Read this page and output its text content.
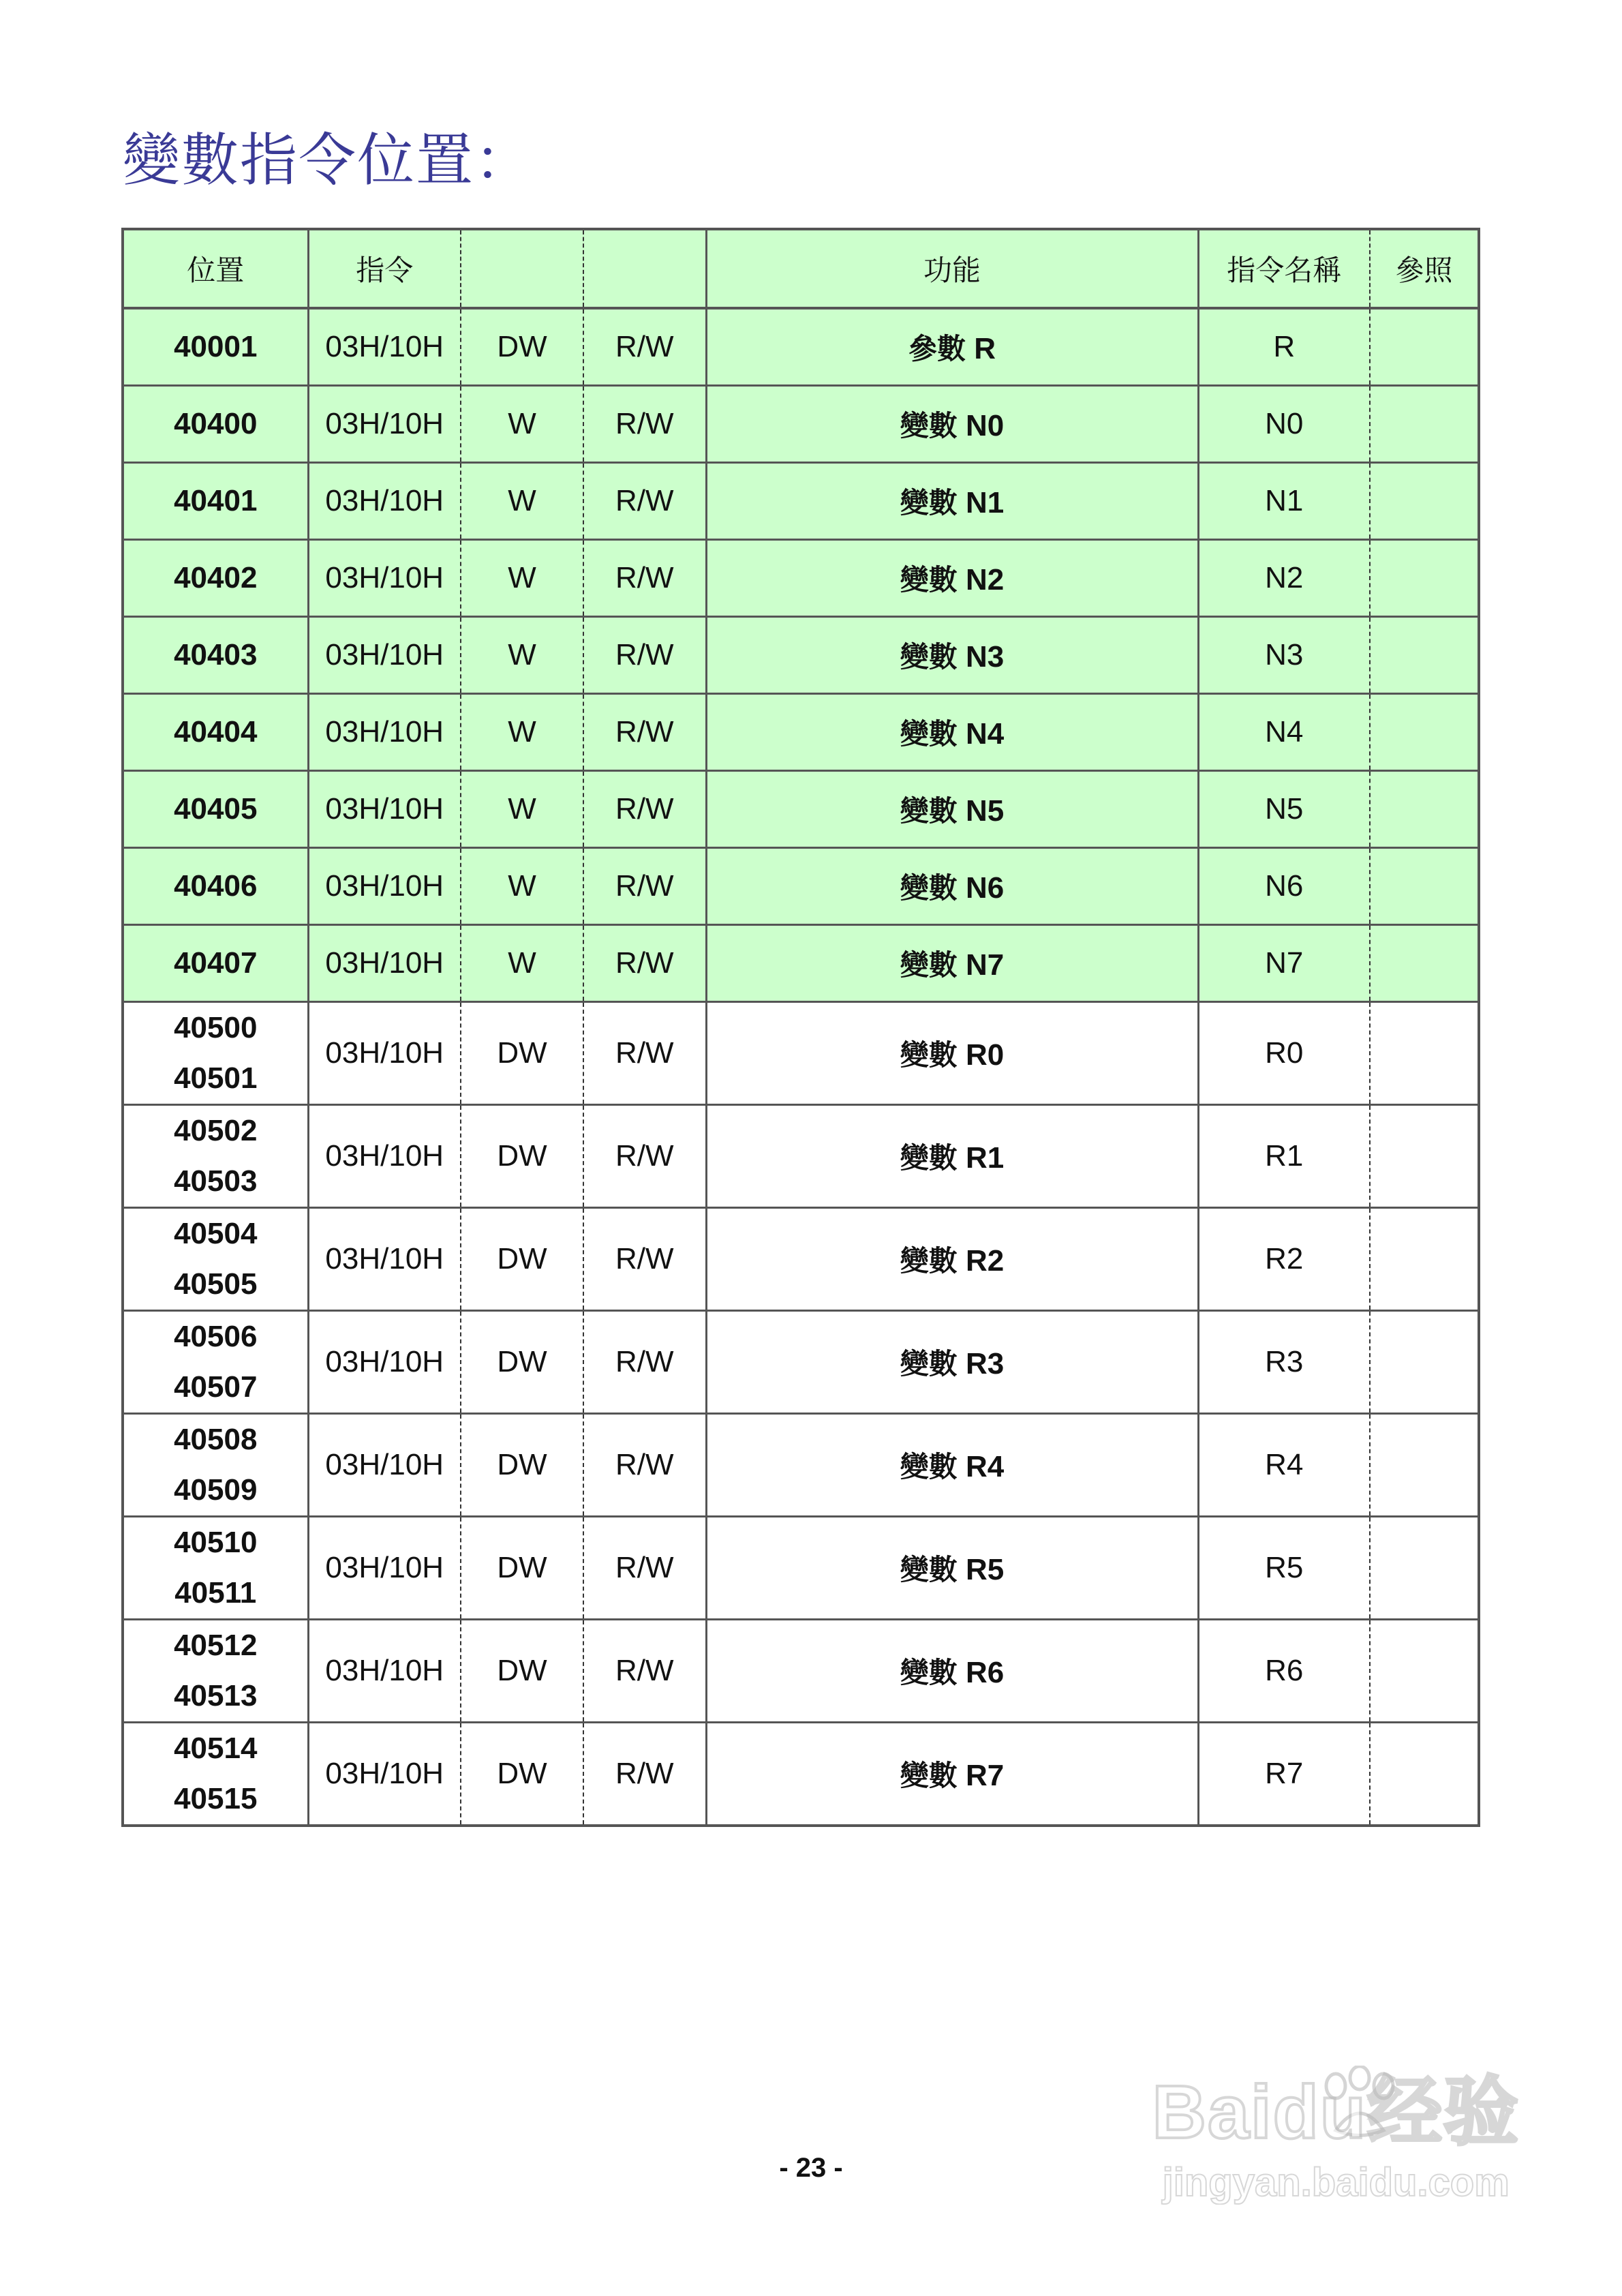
變數指令位置：
位置	指令			功能	指令名稱	參照
40001	03H/10H	DW	R/W	參數 R	R	
40400	03H/10H	W	R/W	變數 N0	N0	
40401	03H/10H	W	R/W	變數 N1	N1	
40402	03H/10H	W	R/W	變數 N2	N2	
40403	03H/10H	W	R/W	變數 N3	N3	
40404	03H/10H	W	R/W	變數 N4	N4	
40405	03H/10H	W	R/W	變數 N5	N5	
40406	03H/10H	W	R/W	變數 N6	N6	
40407	03H/10H	W	R/W	變數 N7	N7	

40500
40501	03H/10H	DW	R/W	變數 R0	R0	

40502
40503	03H/10H	DW	R/W	變數 R1	R1	

40504
40505	03H/10H	DW	R/W	變數 R2	R2	

40506
40507	03H/10H	DW	R/W	變數 R3	R3	

40508
40509	03H/10H	DW	R/W	變數 R4	R4	

40510
40511	03H/10H	DW	R/W	變數 R5	R5	

40512
40513	03H/10H	DW	R/W	變數 R6	R6	

40514
40515	03H/10H	DW	R/W	變數 R7	R7	
- 23 -
Baidu经验
jingyan.baidu.com
